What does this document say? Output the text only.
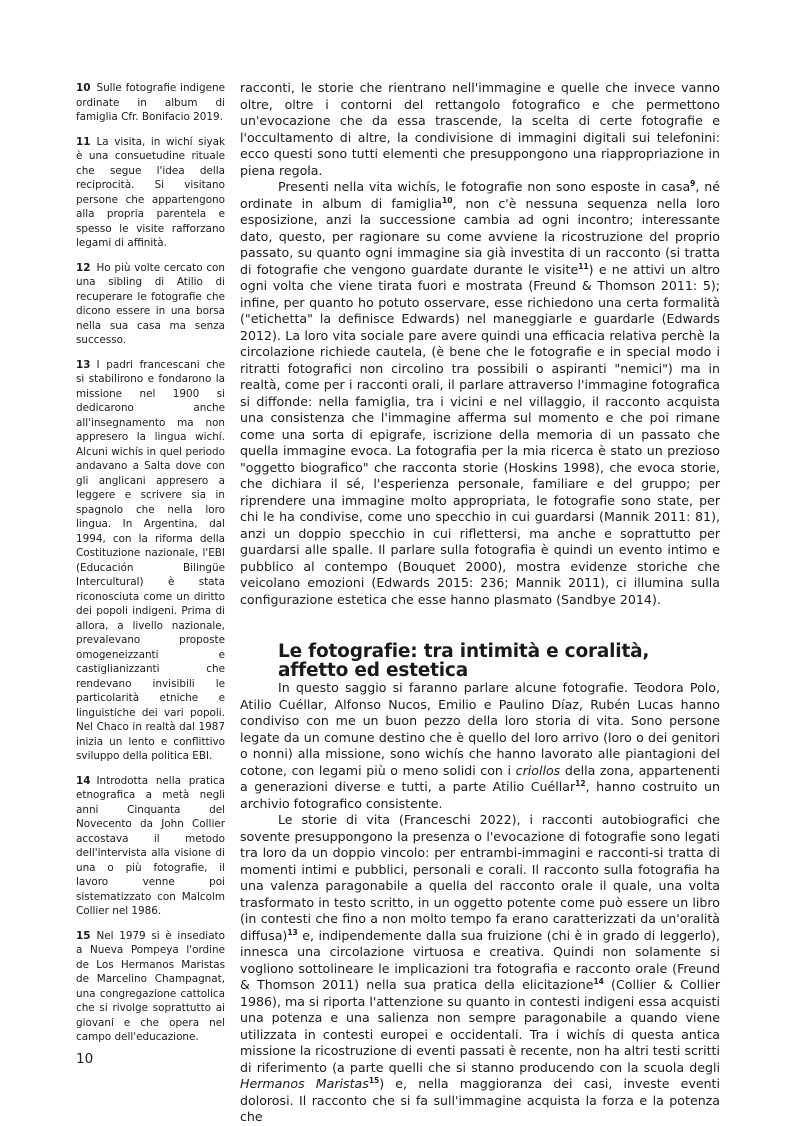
10 Sulle fotografie indigene ordinate in album di famiglia Cfr. Bonifacio 2019.

11 La visita, in wichí siyak è una consuetudine rituale che segue l'idea della reciprocità. Si visitano persone che appartengono alla propria parentela e spesso le visite rafforzano legami di affinità.

12 Ho più volte cercato con una sibling di Atilio di recuperare le fotografie che dicono essere in una borsa nella sua casa ma senza successo.

13 I padri francescani che si stabilirono e fondarono la missione nel 1900 si dedicarono anche all'insegnamento ma non appresero la lingua wichí. Alcuni wichís in quel periodo andavano a Salta dove con gli anglicani appresero a leggere e scrivere sia in spagnolo che nella loro lingua. In Argentina, dal 1994, con la riforma della Costituzione nazionale, l'EBI (Educación Bilingüe Intercultural) è stata riconosciuta come un diritto dei popoli indigeni. Prima di allora, a livello nazionale, prevalevano proposte omogeneizzanti e castiglianizzanti che rendevano invisibili le particolarità etniche e linguistiche dei vari popoli. Nel Chaco in realtà dal 1987 inizia un lento e conflittivo sviluppo della politica EBI.

14 Introdotta nella pratica etnografica a metà negli anni Cinquanta del Novecento da John Collier accostava il metodo dell'intervista alla visione di una o più fotografie, il lavoro venne poi sistematizzato con Malcolm Collier nel 1986.

15 Nel 1979 si è insediato a Nueva Pompeya l'ordine de Los Hermanos Maristas de Marcelino Champagnat, una congregazione cattolica che si rivolge soprattutto ai giovani e che opera nel campo dell'educazione.

racconti, le storie che rientrano nell'immagine e quelle che invece vanno oltre, oltre i contorni del rettangolo fotografico e che permettono un'evocazione che da essa trascende, la scelta di certe fotografie e l'occultamento di altre, la condivisione di immagini digitali sui telefonini: ecco questi sono tutti elementi che presuppongono una riappropriazione in piena regola.

Presenti nella vita wichís, le fotografie non sono esposte in casa$^9$, né ordinate in album di famiglia$^{10}$, non c'è nessuna sequenza nella loro esposizione, anzi la successione cambia ad ogni incontro; interessante dato, questo, per ragionare su come avviene la ricostruzione del proprio passato, su quanto ogni immagine sia già investita di un racconto (si tratta di fotografie che vengono guardate durante le visite$^{11}$) e ne attivi un altro ogni volta che viene tirata fuori e mostrata (Freund & Thomson 2011: 5); infine, per quanto ho potuto osservare, esse richiedono una certa formalità ("etichetta" la definisce Edwards) nel maneggiarle e guardarle (Edwards 2012). La loro vita sociale pare avere quindi una efficacia relativa perchè la circolazione richiede cautela, (è bene che le fotografie e in special modo i ritratti fotografici non circolino tra possibili o aspiranti "nemici") ma in realtà, come per i racconti orali, il parlare attraverso l'immagine fotografica si diffonde: nella famiglia, tra i vicini e nel villaggio, il racconto acquista una consistenza che l'immagine afferma sul momento e che poi rimane come una sorta di epigrafe, iscrizione della memoria di un passato che quella immagine evoca. La fotografia per la mia ricerca è stato un prezioso "oggetto biografico" che racconta storie (Hoskins 1998), che evoca storie, che dichiara il sé, l'esperienza personale, familiare e del gruppo; per riprendere una immagine molto appropriata, le fotografie sono state, per chi le ha condivise, come uno specchio in cui guardarsi (Mannik 2011: 81), anzi un doppio specchio in cui riflettersi, ma anche e soprattutto per guardarsi alle spalle. Il parlare sulla fotografia è quindi un evento intimo e pubblico al contempo (Bouquet 2000), mostra evidenze storiche che veicolano emozioni (Edwards 2015: 236; Mannik 2011), ci illumina sulla configurazione estetica che esse hanno plasmato (Sandbye 2014).

Le fotografie: tra intimità e coralità, affetto ed estetica

In questo saggio si faranno parlare alcune fotografie. Teodora Polo, Atilio Cuéllar, Alfonso Nucos, Emilio e Paulino Díaz, Rubén Lucas hanno condiviso con me un buon pezzo della loro storia di vita. Sono persone legate da un comune destino che è quello del loro arrivo (loro o dei genitori o nonni) alla missione, sono wichís che hanno lavorato alle piantagioni del cotone, con legami più o meno solidi con i criollos della zona, appartenenti a generazioni diverse e tutti, a parte Atilio Cuéllar$^{12}$, hanno costruito un archivio fotografico consistente.

Le storie di vita (Franceschi 2022), i racconti autobiografici che sovente presuppongono la presenza o l'evocazione di fotografie sono legati tra loro da un doppio vincolo: per entrambi-immagini e racconti-si tratta di momenti intimi e pubblici, personali e corali. Il racconto sulla fotografia ha una valenza paragonabile a quella del racconto orale il quale, una volta trasformato in testo scritto, in un oggetto potente come può essere un libro (in contesti che fino a non molto tempo fa erano caratterizzati da un'oralità diffusa)$^{13}$ e, indipendemente dalla sua fruizione (chi è in grado di leggerlo), innesca una circolazione virtuosa e creativa. Quindi non solamente si vogliono sottolineare le implicazioni tra fotografia e racconto orale (Freund & Thomson 2011) nella sua pratica della elicitazione$^{14}$ (Collier & Collier 1986), ma si riporta l'attenzione su quanto in contesti indigeni essa acquisti una potenza e una salienza non sempre paragonabile a quando viene utilizzata in contesti europei e occidentali. Tra i wichís di questa antica missione la ricostruzione di eventi passati è recente, non ha altri testi scritti di riferimento (a parte quelli che si stanno producendo con la scuola degli Hermanos Maristas$^{15}$) e, nella maggioranza dei casi, investe eventi dolorosi. Il racconto che si fa sull'immagine acquista la forza e la potenza che

10
